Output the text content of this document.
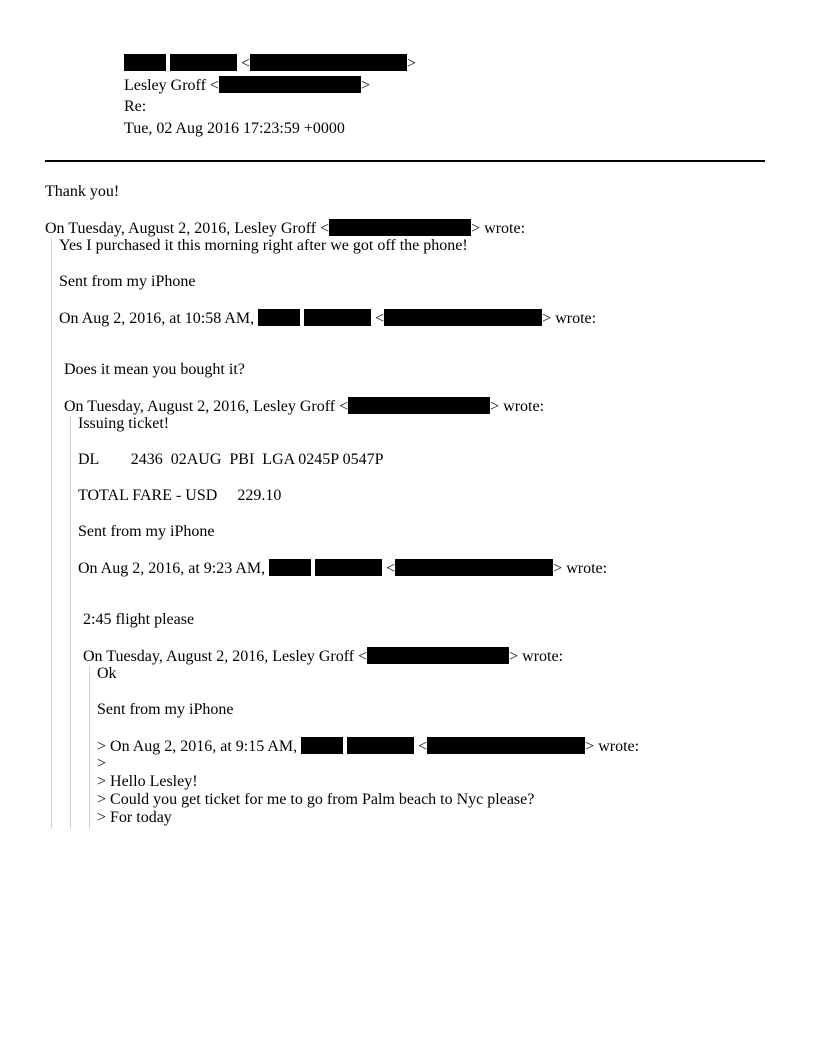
<	>
Lesley Groff <	>
Re:
Tue, 02 Aug 2016 17:23:59 +0000
Thank you!
On Tuesday, August 2, 2016, Lesley Groff <	> wrote:
Yes I purchased it this morning right after we got off the phone!
Sent from my iPhone
On Aug 2, 2016, at 10:58 AM,	<	> wrote:
Does it mean you bought it?
On Tuesday, August 2, 2016, Lesley Groff <	> wrote:
Issuing ticket!
DL        2436  02AUG  PBI  LGA 0245P 0547P
TOTAL FARE - USD     229.10
Sent from my iPhone
On Aug 2, 2016, at 9:23 AM,	<	> wrote:
2:45 flight please
On Tuesday, August 2, 2016, Lesley Groff <	> wrote:
Ok
Sent from my iPhone
> On Aug 2, 2016, at 9:15 AM,	<	> wrote:
>
> Hello Lesley!
> Could you get ticket for me to go from Palm beach to Nyc please?
> For today
